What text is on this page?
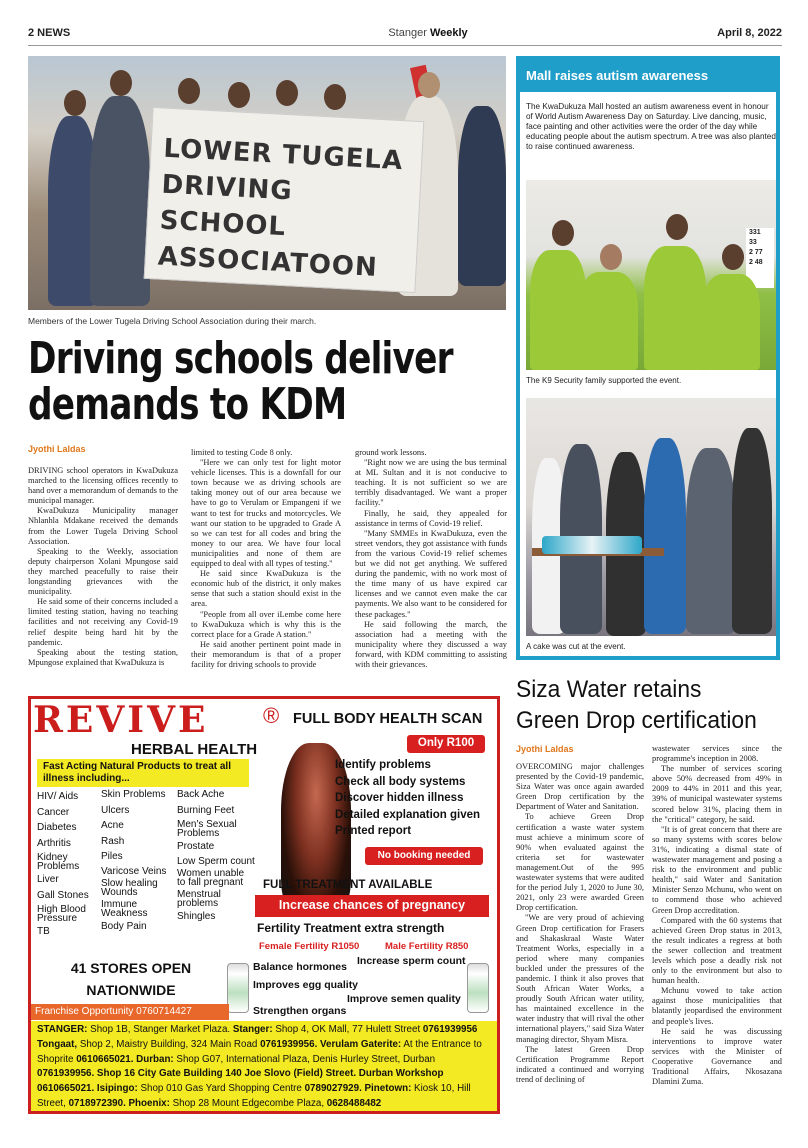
2 NEWS	Stanger Weekly	April 8, 2022
LOWER TUGELA DRIVING SCHOOL ASSOCIATOON
Members of the Lower Tugela Driving School Association during their march.
Driving schools deliver
demands to KDM
Jyothi Laldas

DRIVING school operators in KwaDukuza marched to the licensing offices recently to hand over a memorandum of demands to the municipal manager.

KwaDukuza Municipality manager Nhlanhla Mdakane received the demands from the Lower Tugela Driving School Association.

Speaking to the Weekly, association deputy chairperson Xolani Mpungose said they marched peacefully to raise their longstanding grievances with the municipality.

He said some of their concerns included a limited testing station, having no teaching facilities and not receiving any Covid-19 relief despite being hard hit by the pandemic.

Speaking about the testing station, Mpungose explained that KwaDukuza is

limited to testing Code 8 only.

"Here we can only test for light motor vehicle licenses. This is a downfall for our town because we as driving schools are taking money out of our area because we have to go to Verulam or Empangeni if we want to test for trucks and motorcycles. We want our station to be upgraded to Grade A so we can test for all codes and bring the money to our area. We have four local municipalities and none of them are equipped to deal with all types of testing."

He said since KwaDukuza is the economic hub of the district, it only makes sense that such a station should exist in the area.

"People from all over iLembe come here to KwaDukuza which is why this is the correct place for a Grade A station."

He said another pertinent point made in their memorandum is that of a proper facility for driving schools to provide

ground work lessons.

"Right now we are using the bus terminal at ML Sultan and it is not conducive to teaching. It is not sufficient so we are terribly disadvantaged. We want a proper facility."

Finally, he said, they appealed for assistance in terms of Covid-19 relief.

"Many SMMEs in KwaDukuza, even the street vendors, they got assistance with funds from the various Covid-19 relief schemes but we did not get anything. We suffered during the pandemic, with no work most of the time many of us have expired car licenses and we cannot even make the car payments. We also want to be considered for these packages."

He said following the march, the association had a meeting with the municipality where they discussed a way forward, with KDM committing to assisting with their grievances.

Mall raises autism awareness
The KwaDukuza Mall hosted an autism awareness event in honour of World Autism Awareness Day on Saturday. Live dancing, music, face painting and other activities were the order of the day while educating people about the autism spectrum. A tree was also planted to raise continued awareness.
331
33
2 77
2 48
The K9 Security family supported the event.
A cake was cut at the event.
REVIVE	®
HERBAL HEALTH
FULL BODY HEALTH SCAN
Only R100
Fast Acting Natural Products to treat all illness including...
HIV/ Aids
Cancer
Diabetes
Arthritis
Kidney Problems
Liver
Gall Stones
High Blood Pressure
TB
Skin Problems
Ulcers
Acne
Rash
Piles
Varicose Veins
Slow healing Wounds
Immune Weakness
Body Pain
Back Ache
Burning Feet
Men's Sexual Problems
Prostate
Low Sperm count
Women unable to fall pregnant
Menstrual problems
Shingles
Identify problems
Check all body systems
Discover hidden illness
Detailed explanation given
Printed report
No booking needed
FULL TREATMENT AVAILABLE
Increase chances of pregnancy
Fertility Treatment extra strength
Female Fertility R1050	Male Fertility R850
Balance hormones Increase sperm count
Improves egg quality
Improve semen quality
Strengthen organs
41 STORES OPEN NATIONWIDE
Franchise Opportunity 0760714427
STANGER: Shop 1B, Stanger Market Plaza. Stanger: Shop 4, OK Mall, 77 Hulett Street 0761939956
Tongaat, Shop 2, Maistry Building, 324 Main Road 0761939956. Verulam Gaterite: At the Entrance to Shoprite 0610665021. Durban: Shop G07, International Plaza, Denis Hurley Street, Durban 0761939956. Shop 16 City Gate Building 140 Joe Slovo (Field) Street. Durban Workshop 0610665021. Isipingo: Shop 010 Gas Yard Shopping Centre 0789027929. Pinetown: Kiosk 10, Hill Street, 0718972390. Phoenix: Shop 28 Mount Edgecombe Plaza, 0628488482
Siza Water retains
Green Drop certification
Jyothi Laldas

OVERCOMING major challenges presented by the Covid-19 pandemic, Siza Water was once again awarded Green Drop certification by the Department of Water and Sanitation.

To achieve Green Drop certification a waste water system must achieve a minimum score of 90% when evaluated against the criteria set for wastewater management.Out of the 995 wastewater systems that were audited for the period July 1, 2020 to June 30, 2021, only 23 were awarded Green Drop certification.

"We are very proud of achieving Green Drop certification for Frasers and Shakaskraal Waste Water Treatment Works, especially in a period where many companies buckled under the pressures of the pandemic. I think it also proves that South African Water Works, a proudly South African water utility, has maintained excellence in the water industry that will rival the other international players," said Siza Water managing director, Shyam Misra.

The latest Green Drop Certification Programme Report indicated a continued and worrying trend of declining of

wastewater services since the programme's inception in 2008.

The number of services scoring above 50% decreased from 49% in 2009 to 44% in 2011 and this year, 39% of municipal wastewater systems scored below 31%, placing them in the "critical" category, he said.

"It is of great concern that there are so many systems with scores below 31%, indicating a dismal state of wastewater management and posing a risk to the environment and public health," said Water and Sanitation Minister Senzo Mchunu, who went on to commend those who achieved Green Drop accreditation.

Compared with the 60 systems that achieved Green Drop status in 2013, the result indicates a regress at both the sewer collection and treatment levels which pose a deadly risk not only to the environment but also to human health.

Mchunu vowed to take action against those municipalities that blatantly jeopardised the environment and people's lives.

He said he was discussing interventions to improve water services with the Minister of Cooperative Governance and Traditional Affairs, Nkosazana Dlamini Zuma.
